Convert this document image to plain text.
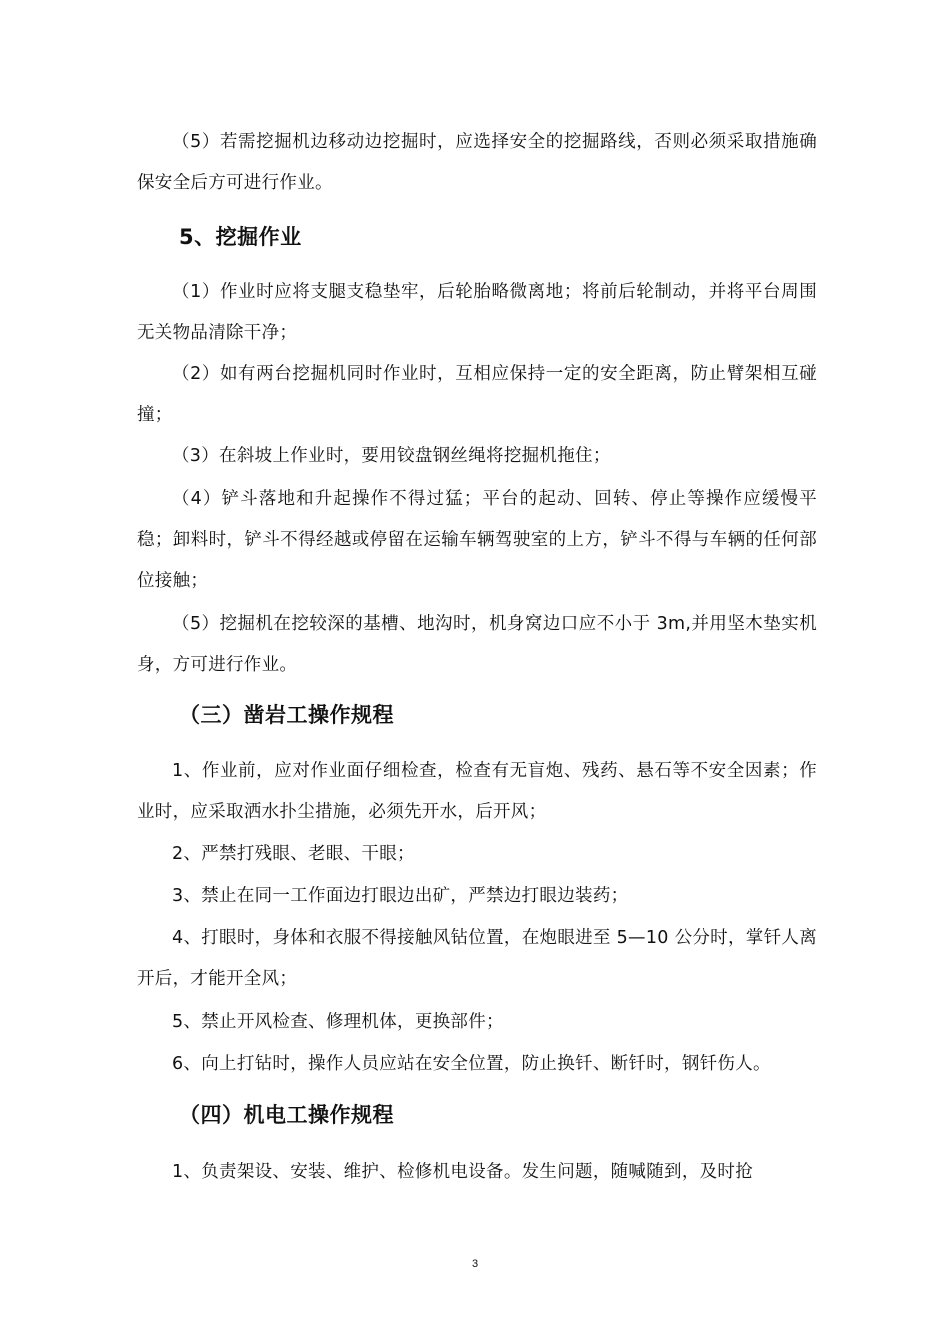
（5）若需挖掘机边移动边挖掘时，应选择安全的挖掘路线，否则必须采取措施确保安全后方可进行作业。

5、挖掘作业

（1）作业时应将支腿支稳垫牢，后轮胎略微离地；将前后轮制动，并将平台周围无关物品清除干净；

（2）如有两台挖掘机同时作业时，互相应保持一定的安全距离，防止臂架相互碰撞；

（3）在斜坡上作业时，要用铰盘钢丝绳将挖掘机拖住；

（4）铲斗落地和升起操作不得过猛；平台的起动、回转、停止等操作应缓慢平稳；卸料时，铲斗不得经越或停留在运输车辆驾驶室的上方，铲斗不得与车辆的任何部位接触；

（5）挖掘机在挖较深的基槽、地沟时，机身窝边口应不小于 3m,并用坚木垫实机身，方可进行作业。

（三）凿岩工操作规程

1、作业前，应对作业面仔细检查，检查有无盲炮、残药、悬石等不安全因素；作业时，应采取洒水扑尘措施，必须先开水，后开风；

2、严禁打残眼、老眼、干眼；

3、禁止在同一工作面边打眼边出矿，严禁边打眼边装药；

4、打眼时，身体和衣服不得接触风钻位置，在炮眼进至 5—10 公分时，掌钎人离开后，才能开全风；

5、禁止开风检查、修理机体，更换部件；

6、向上打钻时，操作人员应站在安全位置，防止换钎、断钎时，钢钎伤人。

（四）机电工操作规程

1、负责架设、安装、维护、检修机电设备。发生问题，随喊随到，及时抢

3
